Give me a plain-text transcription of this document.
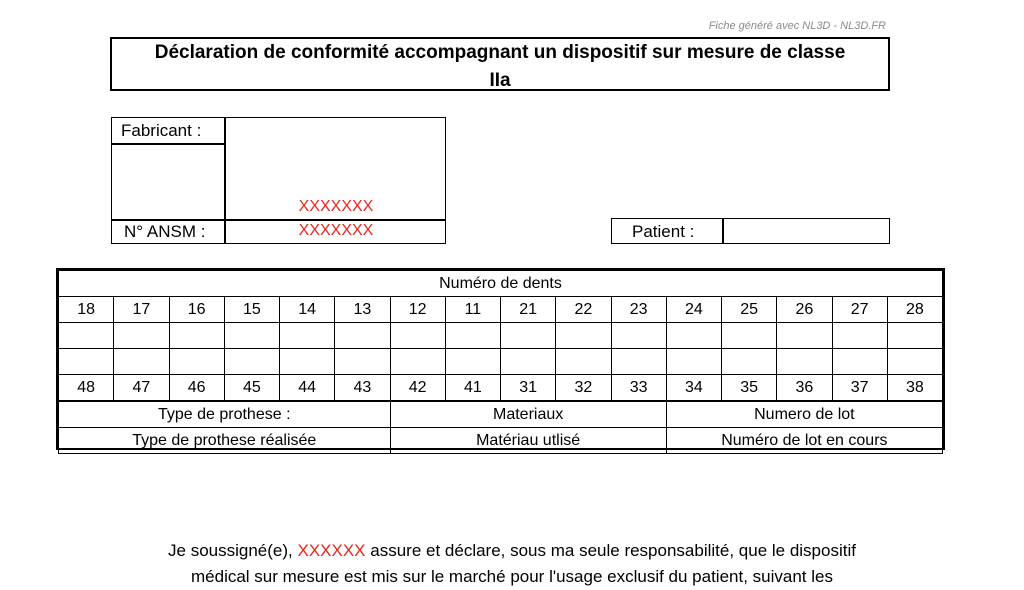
Fiche généré avec NL3D - NL3D.FR
Déclaration de conformité accompagnant un dispositif sur mesure de classe
IIa
Fabricant :
XXXXXXX
N° ANSM :	XXXXXXX	Patient :
Numéro de dents															
18	17	16	15	14	13	12	11	21	22	23	24	25	26	27	28

48	47	46	45	44	43	42	41	31	32	33	34	35	36	37	38
Type de prothese :						Materiaux					Numero de lot				
Type de prothese réalisée						Matériau utlisé					Numéro de lot en cours				
Je soussigné(e), XXXXXX assure et déclare, sous ma seule responsabilité, que le dispositif
médical sur mesure est mis sur le marché pour l'usage exclusif du patient, suivant les
